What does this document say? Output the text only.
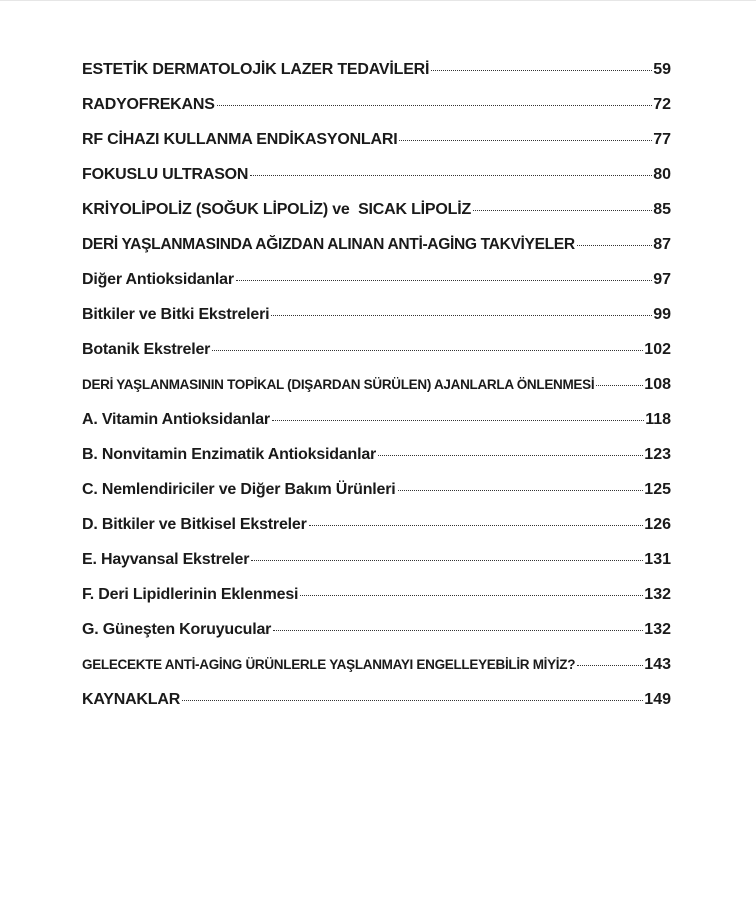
ESTETİK DERMATOLOJİK LAZER TEDAVİLERİ	59
RADYOFREKANS	72
RF CİHAZI KULLANMA ENDİKASYONLARI	77
FOKUSLU ULTRASON	80
KRİYOLİPOLİZ (SOĞUK LİPOLİZ) ve  SICAK LİPOLİZ	85
DERİ YAŞLANMASINDA AĞIZDAN ALINAN ANTİ-AGİNG TAKVİYELER	87
Diğer Antioksidanlar	97
Bitkiler ve Bitki Ekstreleri	99
Botanik Ekstreler	102
DERİ YAŞLANMASININ TOPİKAL (DIŞARDAN SÜRÜLEN) AJANLARLA ÖNLENMESİ	108
A. Vitamin Antioksidanlar	118
B. Nonvitamin Enzimatik Antioksidanlar	123
C. Nemlendiriciler ve Diğer Bakım Ürünleri	125
D. Bitkiler ve Bitkisel Ekstreler	126
E. Hayvansal Ekstreler	131
F. Deri Lipidlerinin Eklenmesi	132
G. Güneşten Koruyucular	132
GELECEKTE ANTİ-AGİNG ÜRÜNLERLE YAŞLANMAYI ENGELLEYEBİLİR MİYİZ?	143
KAYNAKLAR	149
